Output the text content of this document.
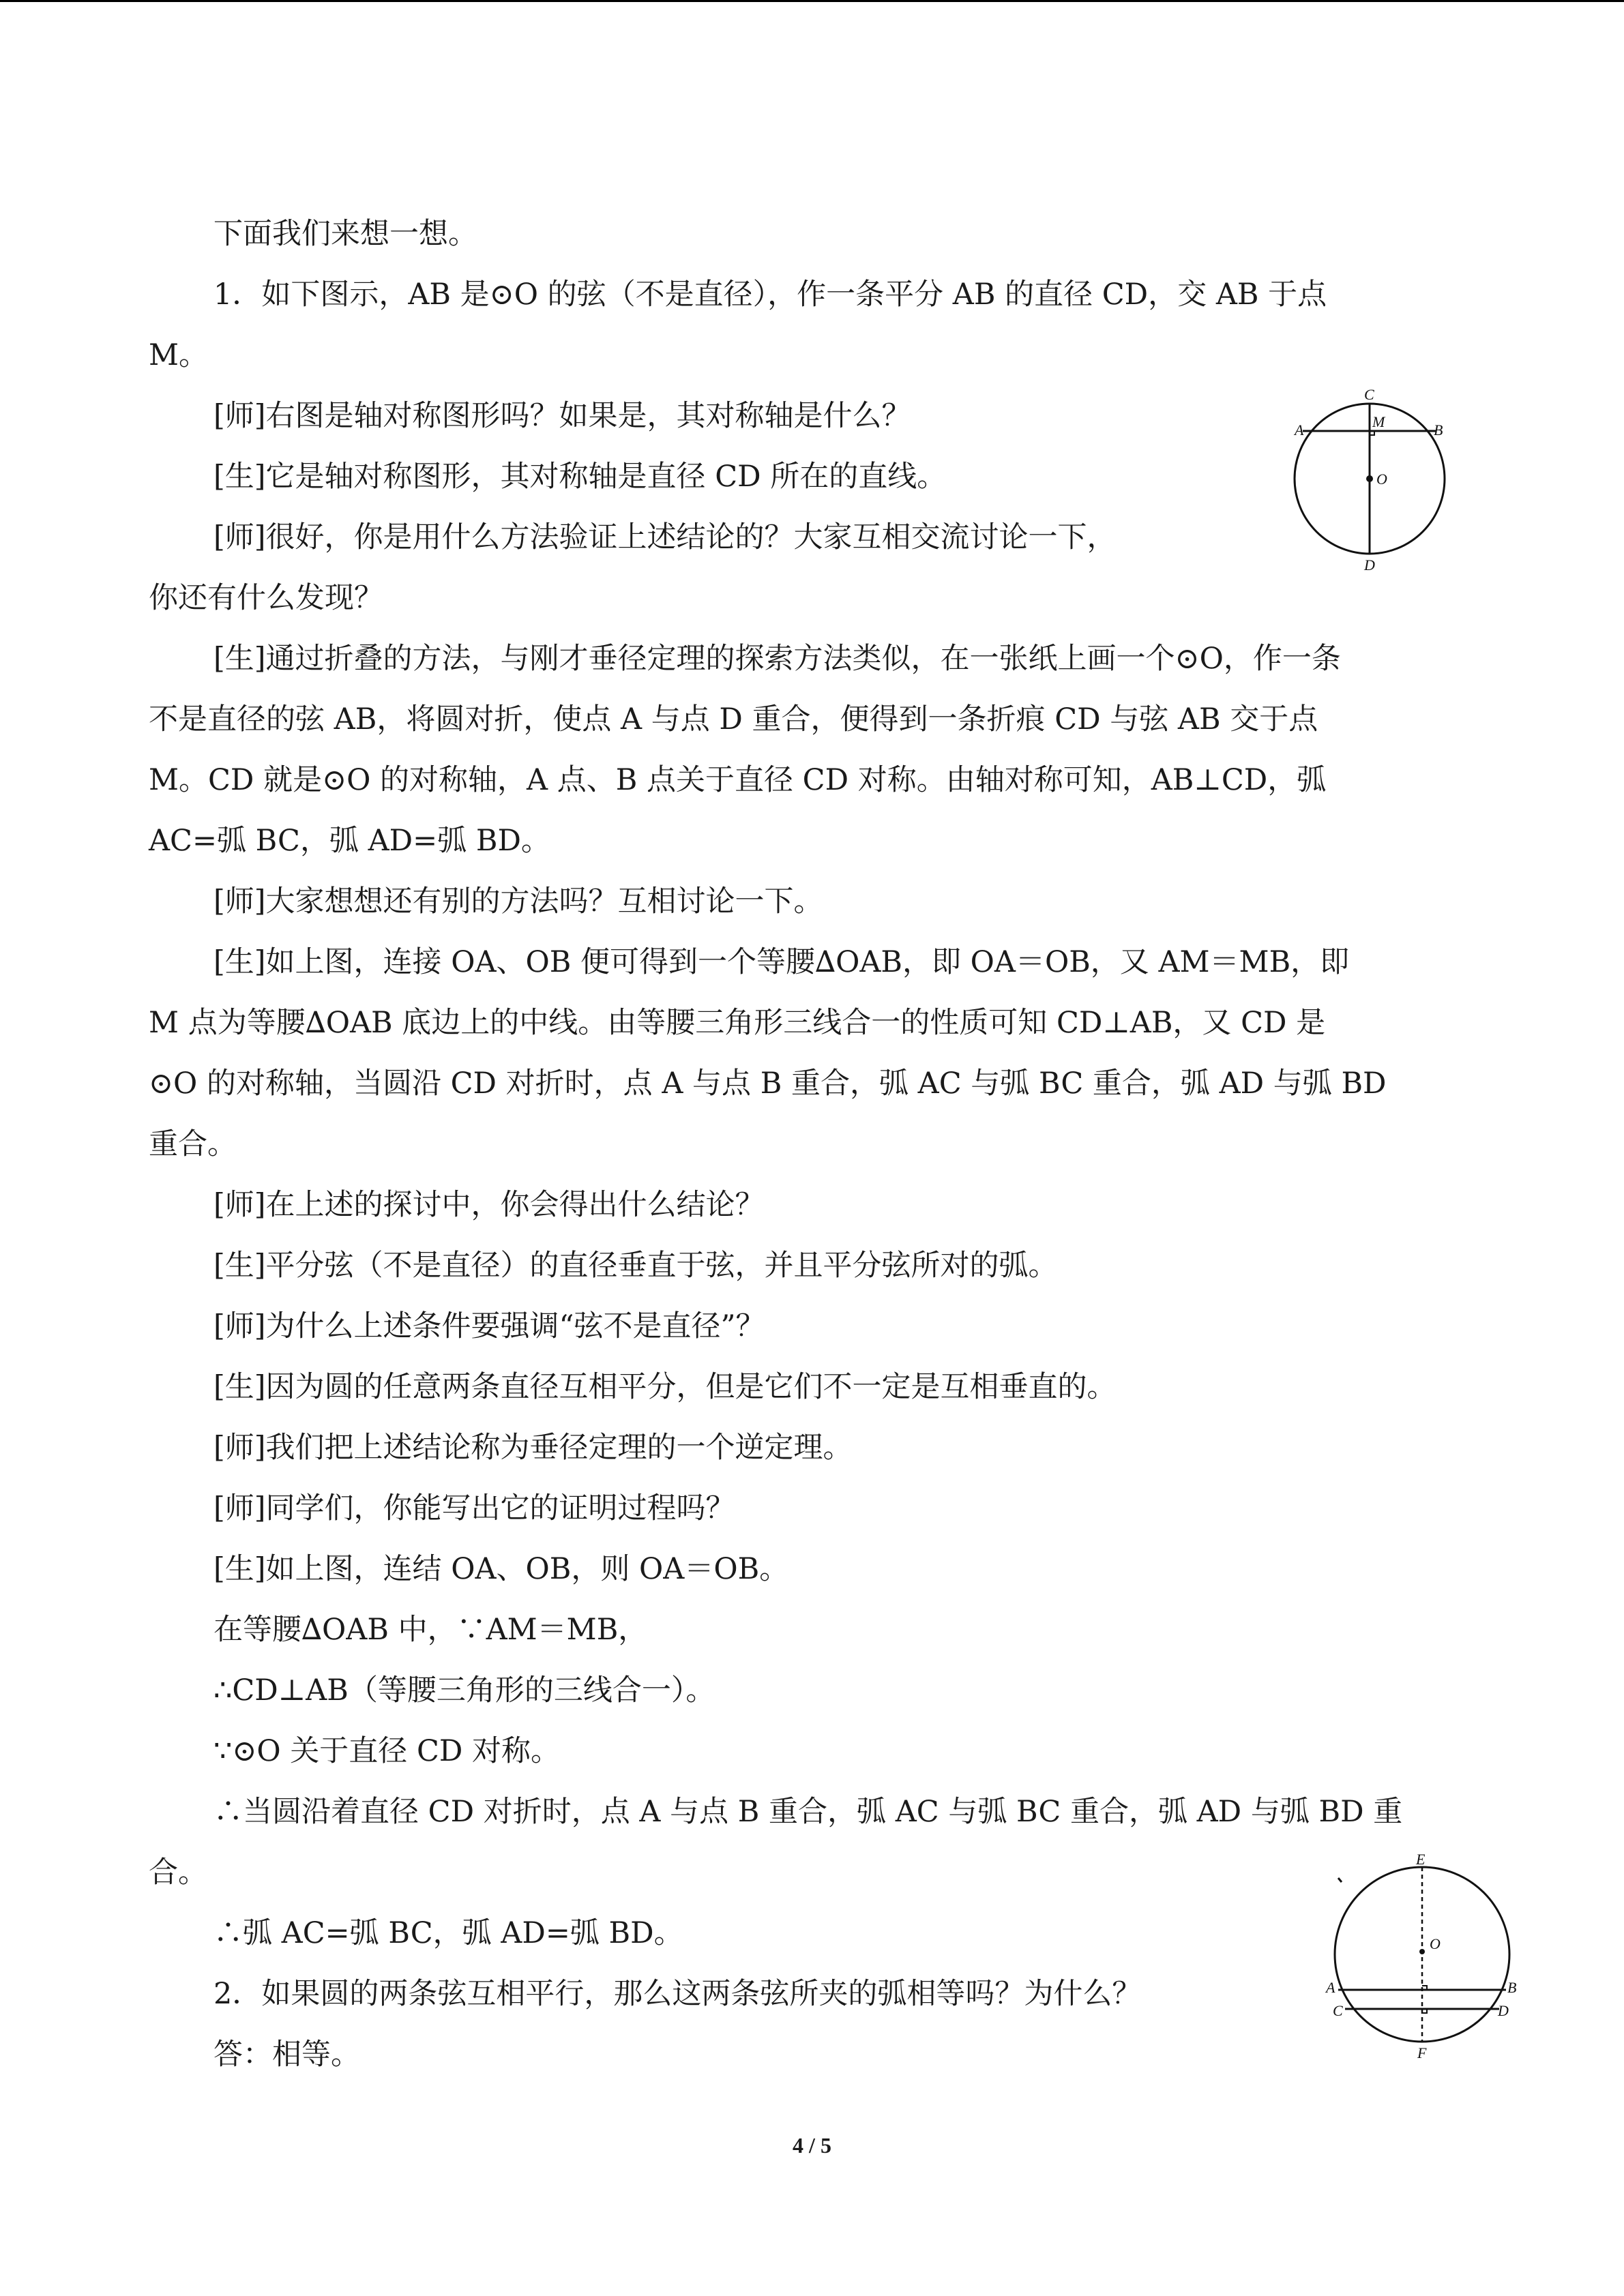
下面我们来想一想。
1．如下图示，AB 是⊙O 的弦（不是直径），作一条平分 AB 的直径 CD，交 AB 于点
M。
[师]右图是轴对称图形吗？如果是，其对称轴是什么？
[生]它是轴对称图形，其对称轴是直径 CD 所在的直线。
[师]很好，你是用什么方法验证上述结论的？大家互相交流讨论一下，
你还有什么发现？
[生]通过折叠的方法，与刚才垂径定理的探索方法类似，在一张纸上画一个⊙O，作一条
不是直径的弦 AB，将圆对折，使点 A 与点 D 重合，便得到一条折痕 CD 与弦 AB 交于点
M。CD 就是⊙O 的对称轴，A 点、B 点关于直径 CD 对称。由轴对称可知，AB⊥CD，弧
AC=弧 BC，弧 AD=弧 BD。
[师]大家想想还有别的方法吗？互相讨论一下。
[生]如上图，连接 OA、OB 便可得到一个等腰∆OAB，即 OA＝OB，又 AM＝MB，即
M 点为等腰∆OAB 底边上的中线。由等腰三角形三线合一的性质可知 CD⊥AB，又 CD 是
⊙O 的对称轴，当圆沿 CD 对折时，点 A 与点 B 重合，弧 AC 与弧 BC 重合，弧 AD 与弧 BD
重合。
[师]在上述的探讨中，你会得出什么结论？
[生]平分弦（不是直径）的直径垂直于弦，并且平分弦所对的弧。
[师]为什么上述条件要强调“弦不是直径”？
[生]因为圆的任意两条直径互相平分，但是它们不一定是互相垂直的。
[师]我们把上述结论称为垂径定理的一个逆定理。
[师]同学们，你能写出它的证明过程吗？
[生]如上图，连结 OA、OB，则 OA＝OB。
在等腰∆OAB 中，∵AM＝MB，
∴CD⊥AB（等腰三角形的三线合一）。
∵⊙O 关于直径 CD 对称。
∴当圆沿着直径 CD 对折时，点 A 与点 B 重合，弧 AC 与弧 BC 重合，弧 AD 与弧 BD 重
合。
∴弧 AC=弧 BC，弧 AD=弧 BD。
2．如果圆的两条弦互相平行，那么这两条弦所夹的弧相等吗？为什么？
答：相等。
C
M
A	B
O
D
E
O
A	B
C	D
F
4 / 5
